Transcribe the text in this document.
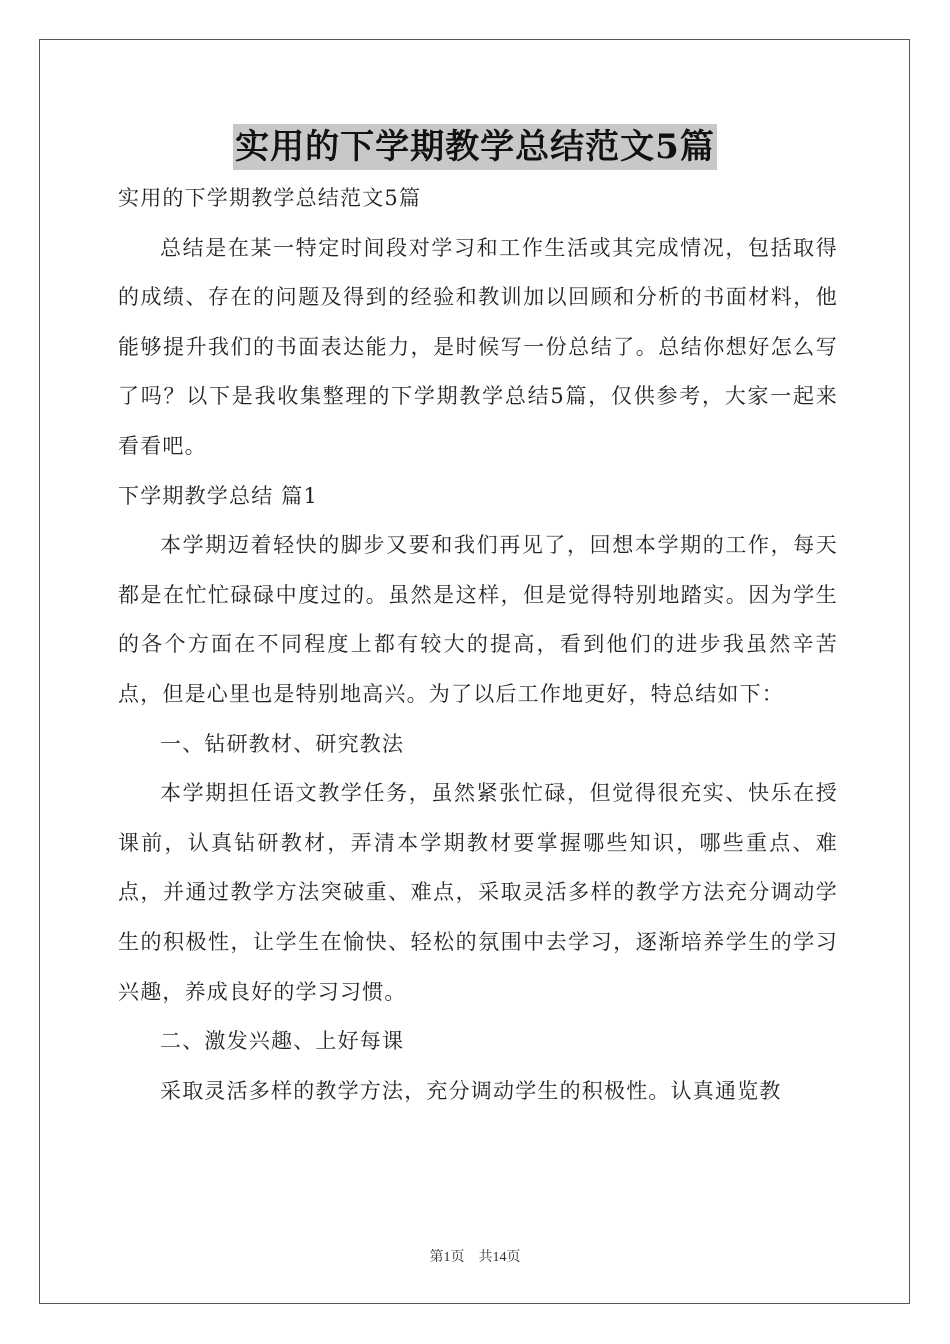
实用的下学期教学总结范文5篇

实用的下学期教学总结范文5篇

总结是在某一特定时间段对学习和工作生活或其完成情况，包括取得的成绩、存在的问题及得到的经验和教训加以回顾和分析的书面材料，他能够提升我们的书面表达能力，是时候写一份总结了。总结你想好怎么写了吗？以下是我收集整理的下学期教学总结5篇，仅供参考，大家一起来看看吧。

下学期教学总结 篇1

本学期迈着轻快的脚步又要和我们再见了，回想本学期的工作，每天都是在忙忙碌碌中度过的。虽然是这样，但是觉得特别地踏实。因为学生的各个方面在不同程度上都有较大的提高，看到他们的进步我虽然辛苦点，但是心里也是特别地高兴。为了以后工作地更好，特总结如下：

一、钻研教材、研究教法

本学期担任语文教学任务，虽然紧张忙碌，但觉得很充实、快乐在授课前，认真钻研教材，弄清本学期教材要掌握哪些知识，哪些重点、难点，并通过教学方法突破重、难点，采取灵活多样的教学方法充分调动学生的积极性，让学生在愉快、轻松的氛围中去学习，逐渐培养学生的学习兴趣，养成良好的学习习惯。

二、激发兴趣、上好每课

采取灵活多样的教学方法，充分调动学生的积极性。认真通览教

第1页 共14页
